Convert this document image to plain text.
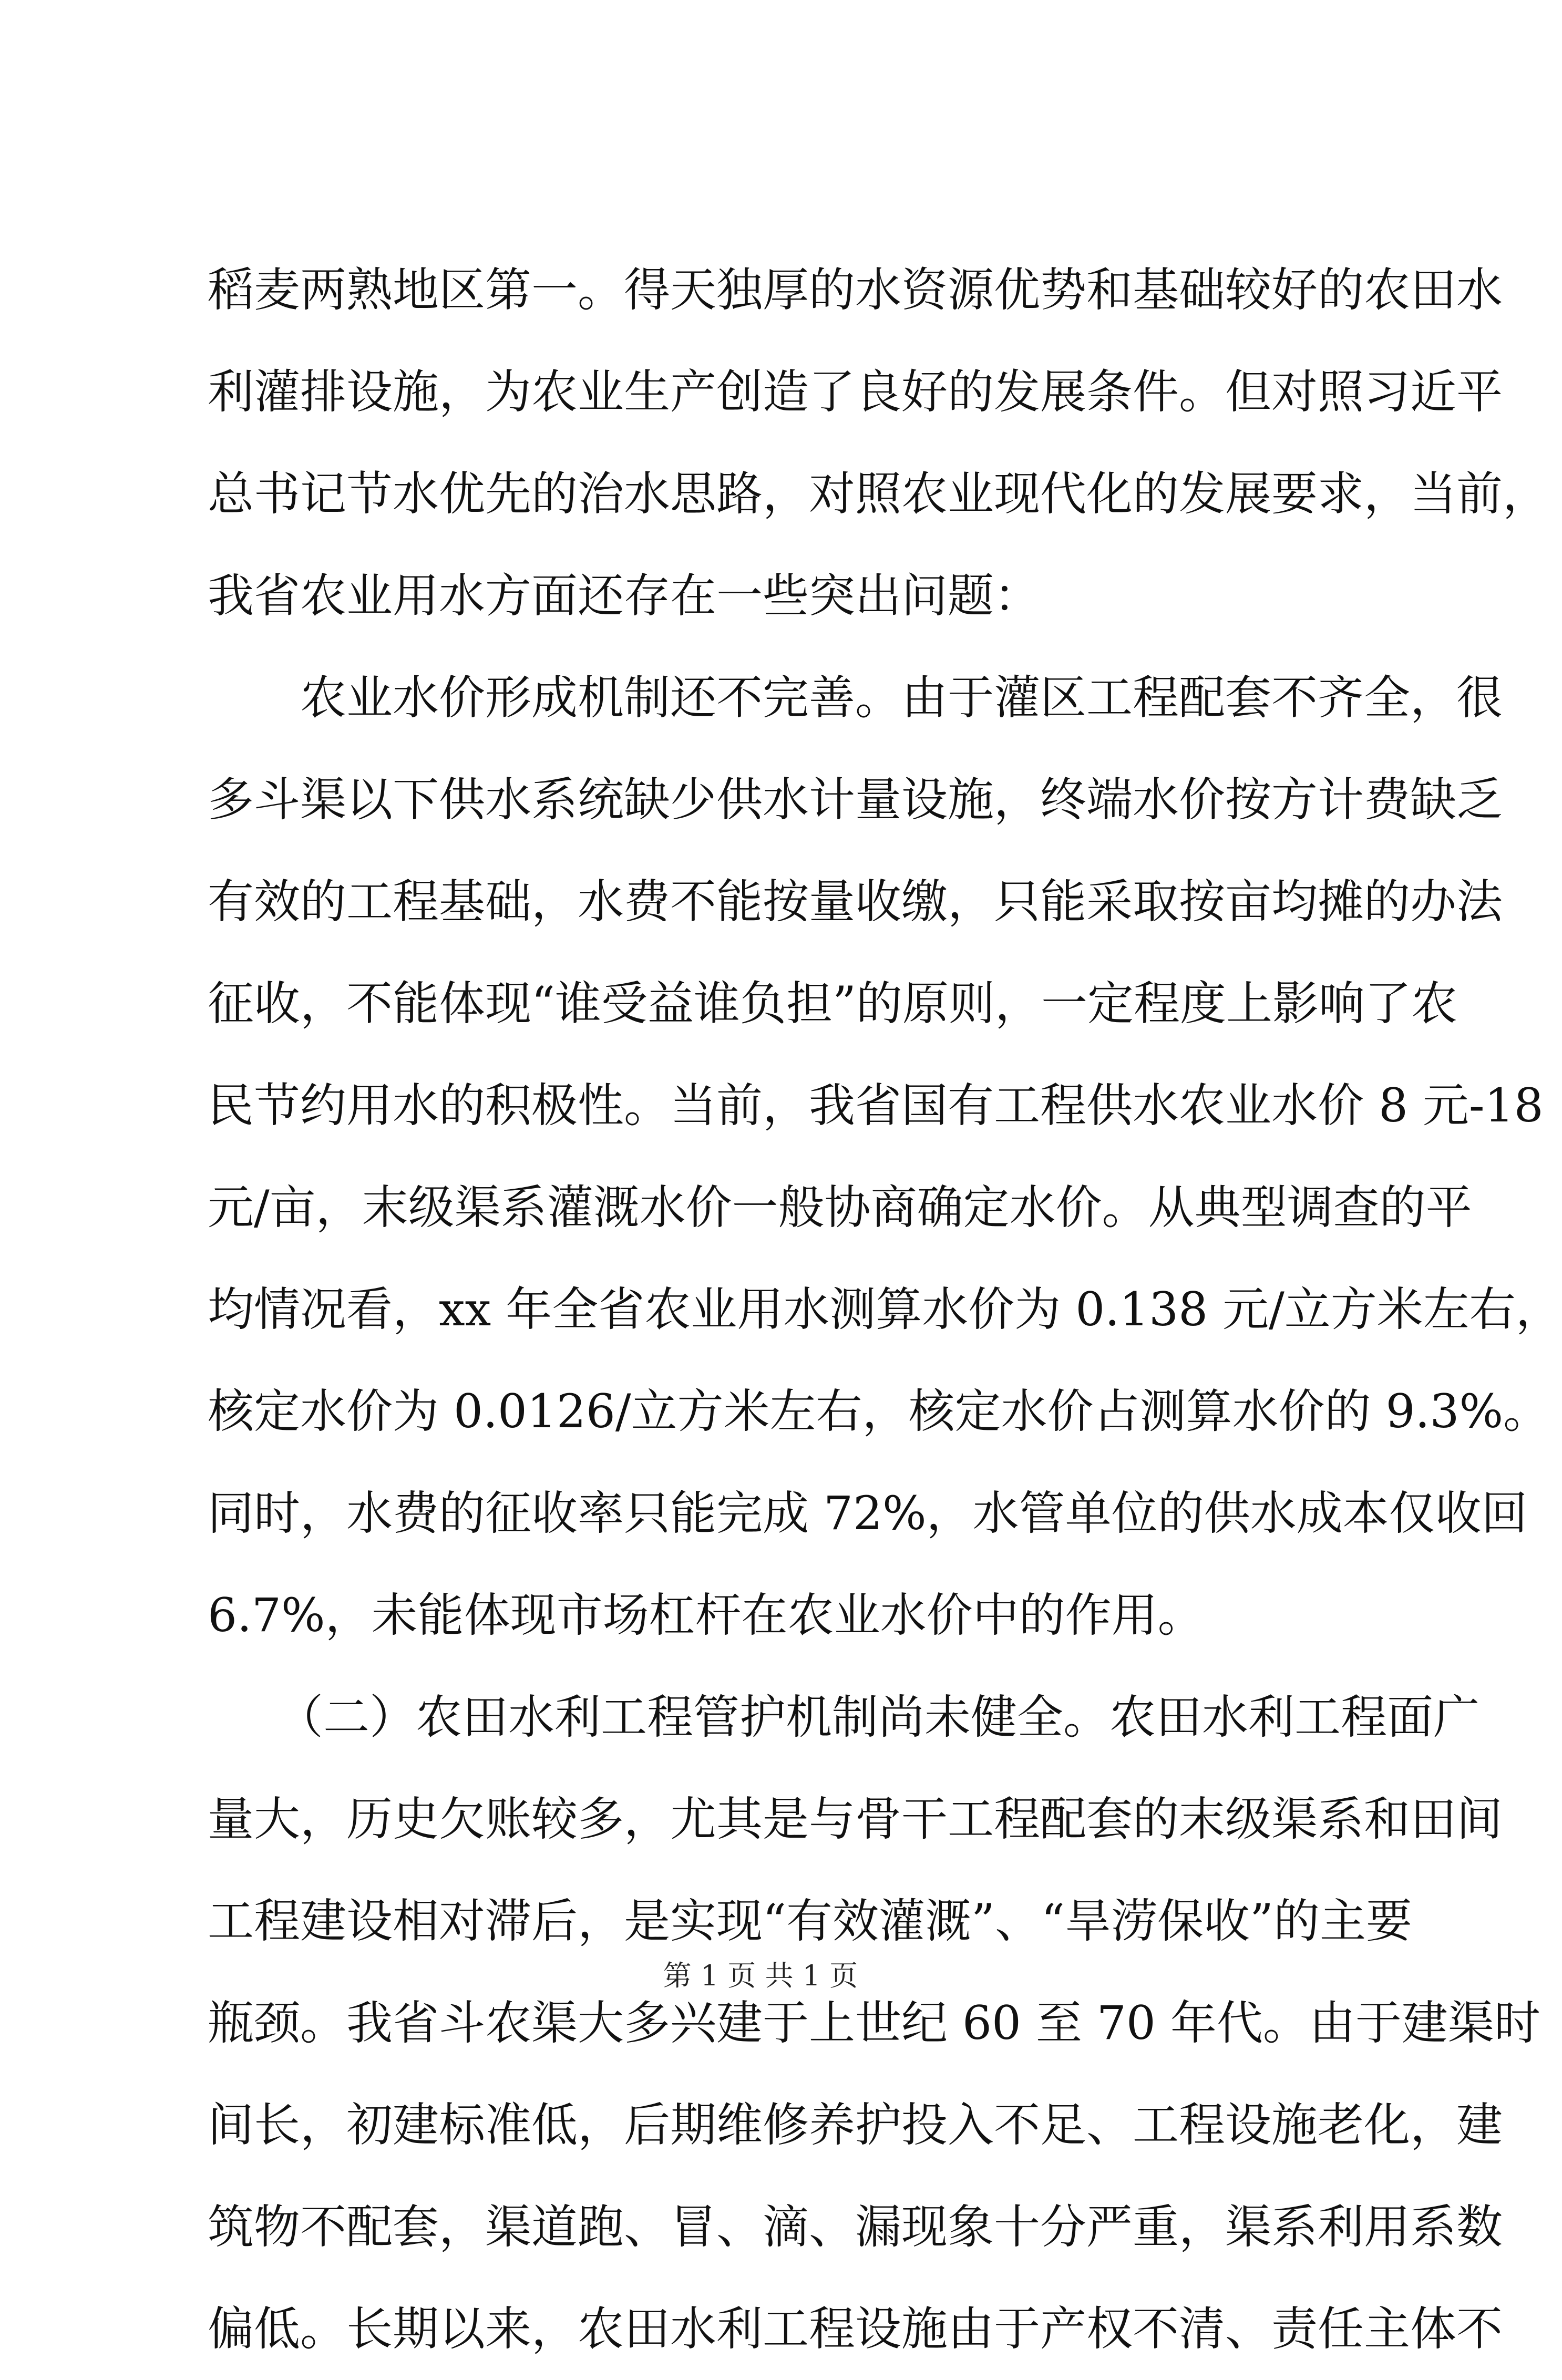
稻麦两熟地区第一。得天独厚的水资源优势和基础较好的农田水
利灌排设施，为农业生产创造了良好的发展条件。但对照习近平
总书记节水优先的治水思路，对照农业现代化的发展要求，当前，
我省农业用水方面还存在一些突出问题：
　　农业水价形成机制还不完善。由于灌区工程配套不齐全，很
多斗渠以下供水系统缺少供水计量设施，终端水价按方计费缺乏
有效的工程基础，水费不能按量收缴，只能采取按亩均摊的办法
征收，不能体现“谁受益谁负担”的原则，一定程度上影响了农
民节约用水的积极性。当前，我省国有工程供水农业水价 8 元-18
元/亩，末级渠系灌溉水价一般协商确定水价。从典型调查的平
均情况看，xx 年全省农业用水测算水价为 0.138 元/立方米左右，
核定水价为 0.0126/立方米左右，核定水价占测算水价的 9.3%。
同时，水费的征收率只能完成 72%，水管单位的供水成本仅收回
6.7%，未能体现市场杠杆在农业水价中的作用。
　　（二）农田水利工程管护机制尚未健全。农田水利工程面广
量大，历史欠账较多，尤其是与骨干工程配套的末级渠系和田间
工程建设相对滞后，是实现“有效灌溉”、“旱涝保收”的主要
瓶颈。我省斗农渠大多兴建于上世纪 60 至 70 年代。由于建渠时
间长，初建标准低，后期维修养护投入不足、工程设施老化，建
筑物不配套，渠道跑、冒、滴、漏现象十分严重，渠系利用系数
偏低。长期以来，农田水利工程设施由于产权不清、责任主体不
第 1 页 共 1 页
